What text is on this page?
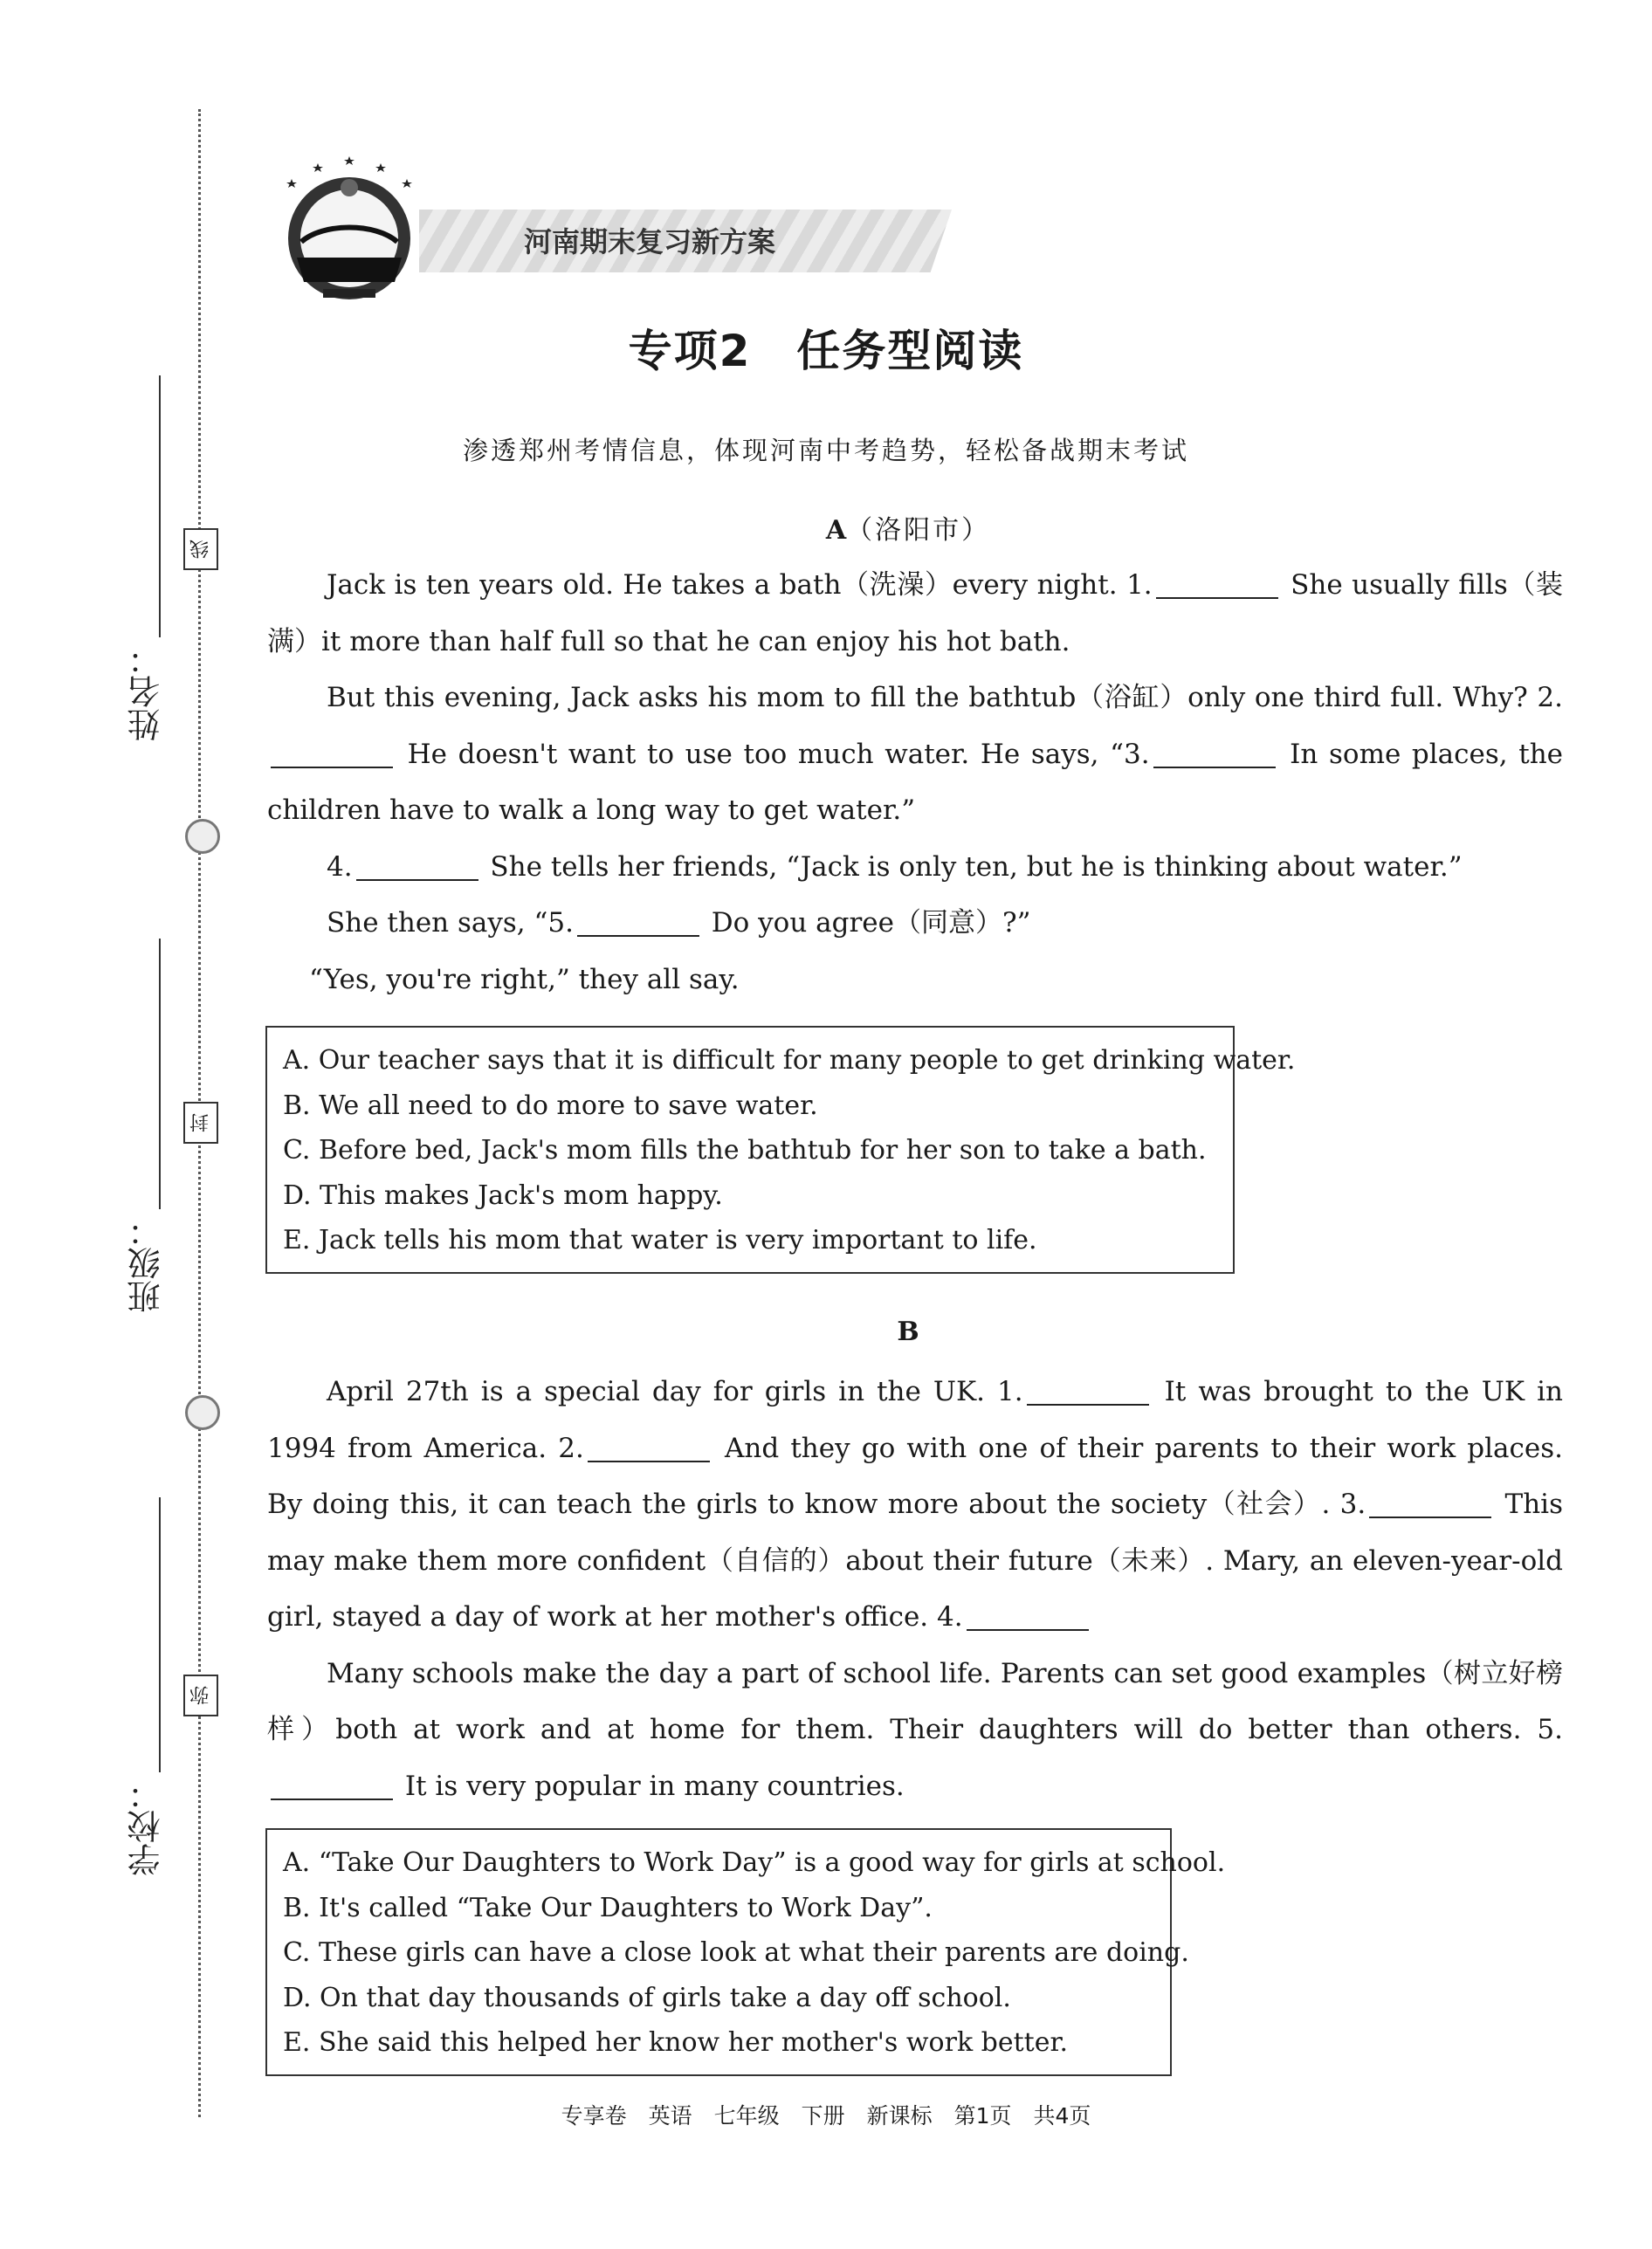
姓名：
班级：
学校：
线
封
弥
河南期末复习新方案
专项2　任务型阅读
渗透郑州考情信息，体现河南中考趋势，轻松备战期末考试
A（洛阳市）

Jack is ten years old. He takes a bath（洗澡）every night. 1.	She usually fills（装满）it more than half full so that he can enjoy his hot bath.

But this evening, Jack asks his mom to fill the bathtub（浴缸）only one third full. Why? 2. He doesn't want to use too much water. He says, “3.	In some places, the children have to walk a long way to get water.”

4.	She tells her friends, “Jack is only ten, but he is thinking about water.”

She then says, “5.	Do you agree（同意）?”

“Yes, you're right,” they all say.

A. Our teacher says that it is difficult for many people to get drinking water.
B. We all need to do more to save water.
C. Before bed, Jack's mom fills the bathtub for her son to take a bath.
D. This makes Jack's mom happy.
E. Jack tells his mom that water is very important to life.
B

April 27th is a special day for girls in the UK. 1.	It was brought to the UK in 1994 from America. 2.	And they go with one of their parents to their work places. By doing this, it can teach the girls to know more about the society（社会）. 3.	This may make them more confident（自信的）about their future（未来）. Mary, an eleven-year-old girl, stayed a day of work at her mother's office. 4.

Many schools make the day a part of school life. Parents can set good examples（树立好榜样）both at work and at home for them. Their daughters will do better than others. 5. It is very popular in many countries.

A. “Take Our Daughters to Work Day” is a good way for girls at school.
B. It's called “Take Our Daughters to Work Day”.
C. These girls can have a close look at what their parents are doing.
D. On that day thousands of girls take a day off school.
E. She said this helped her know her mother's work better.
专享卷　英语　七年级　下册　新课标　第1页　共4页
